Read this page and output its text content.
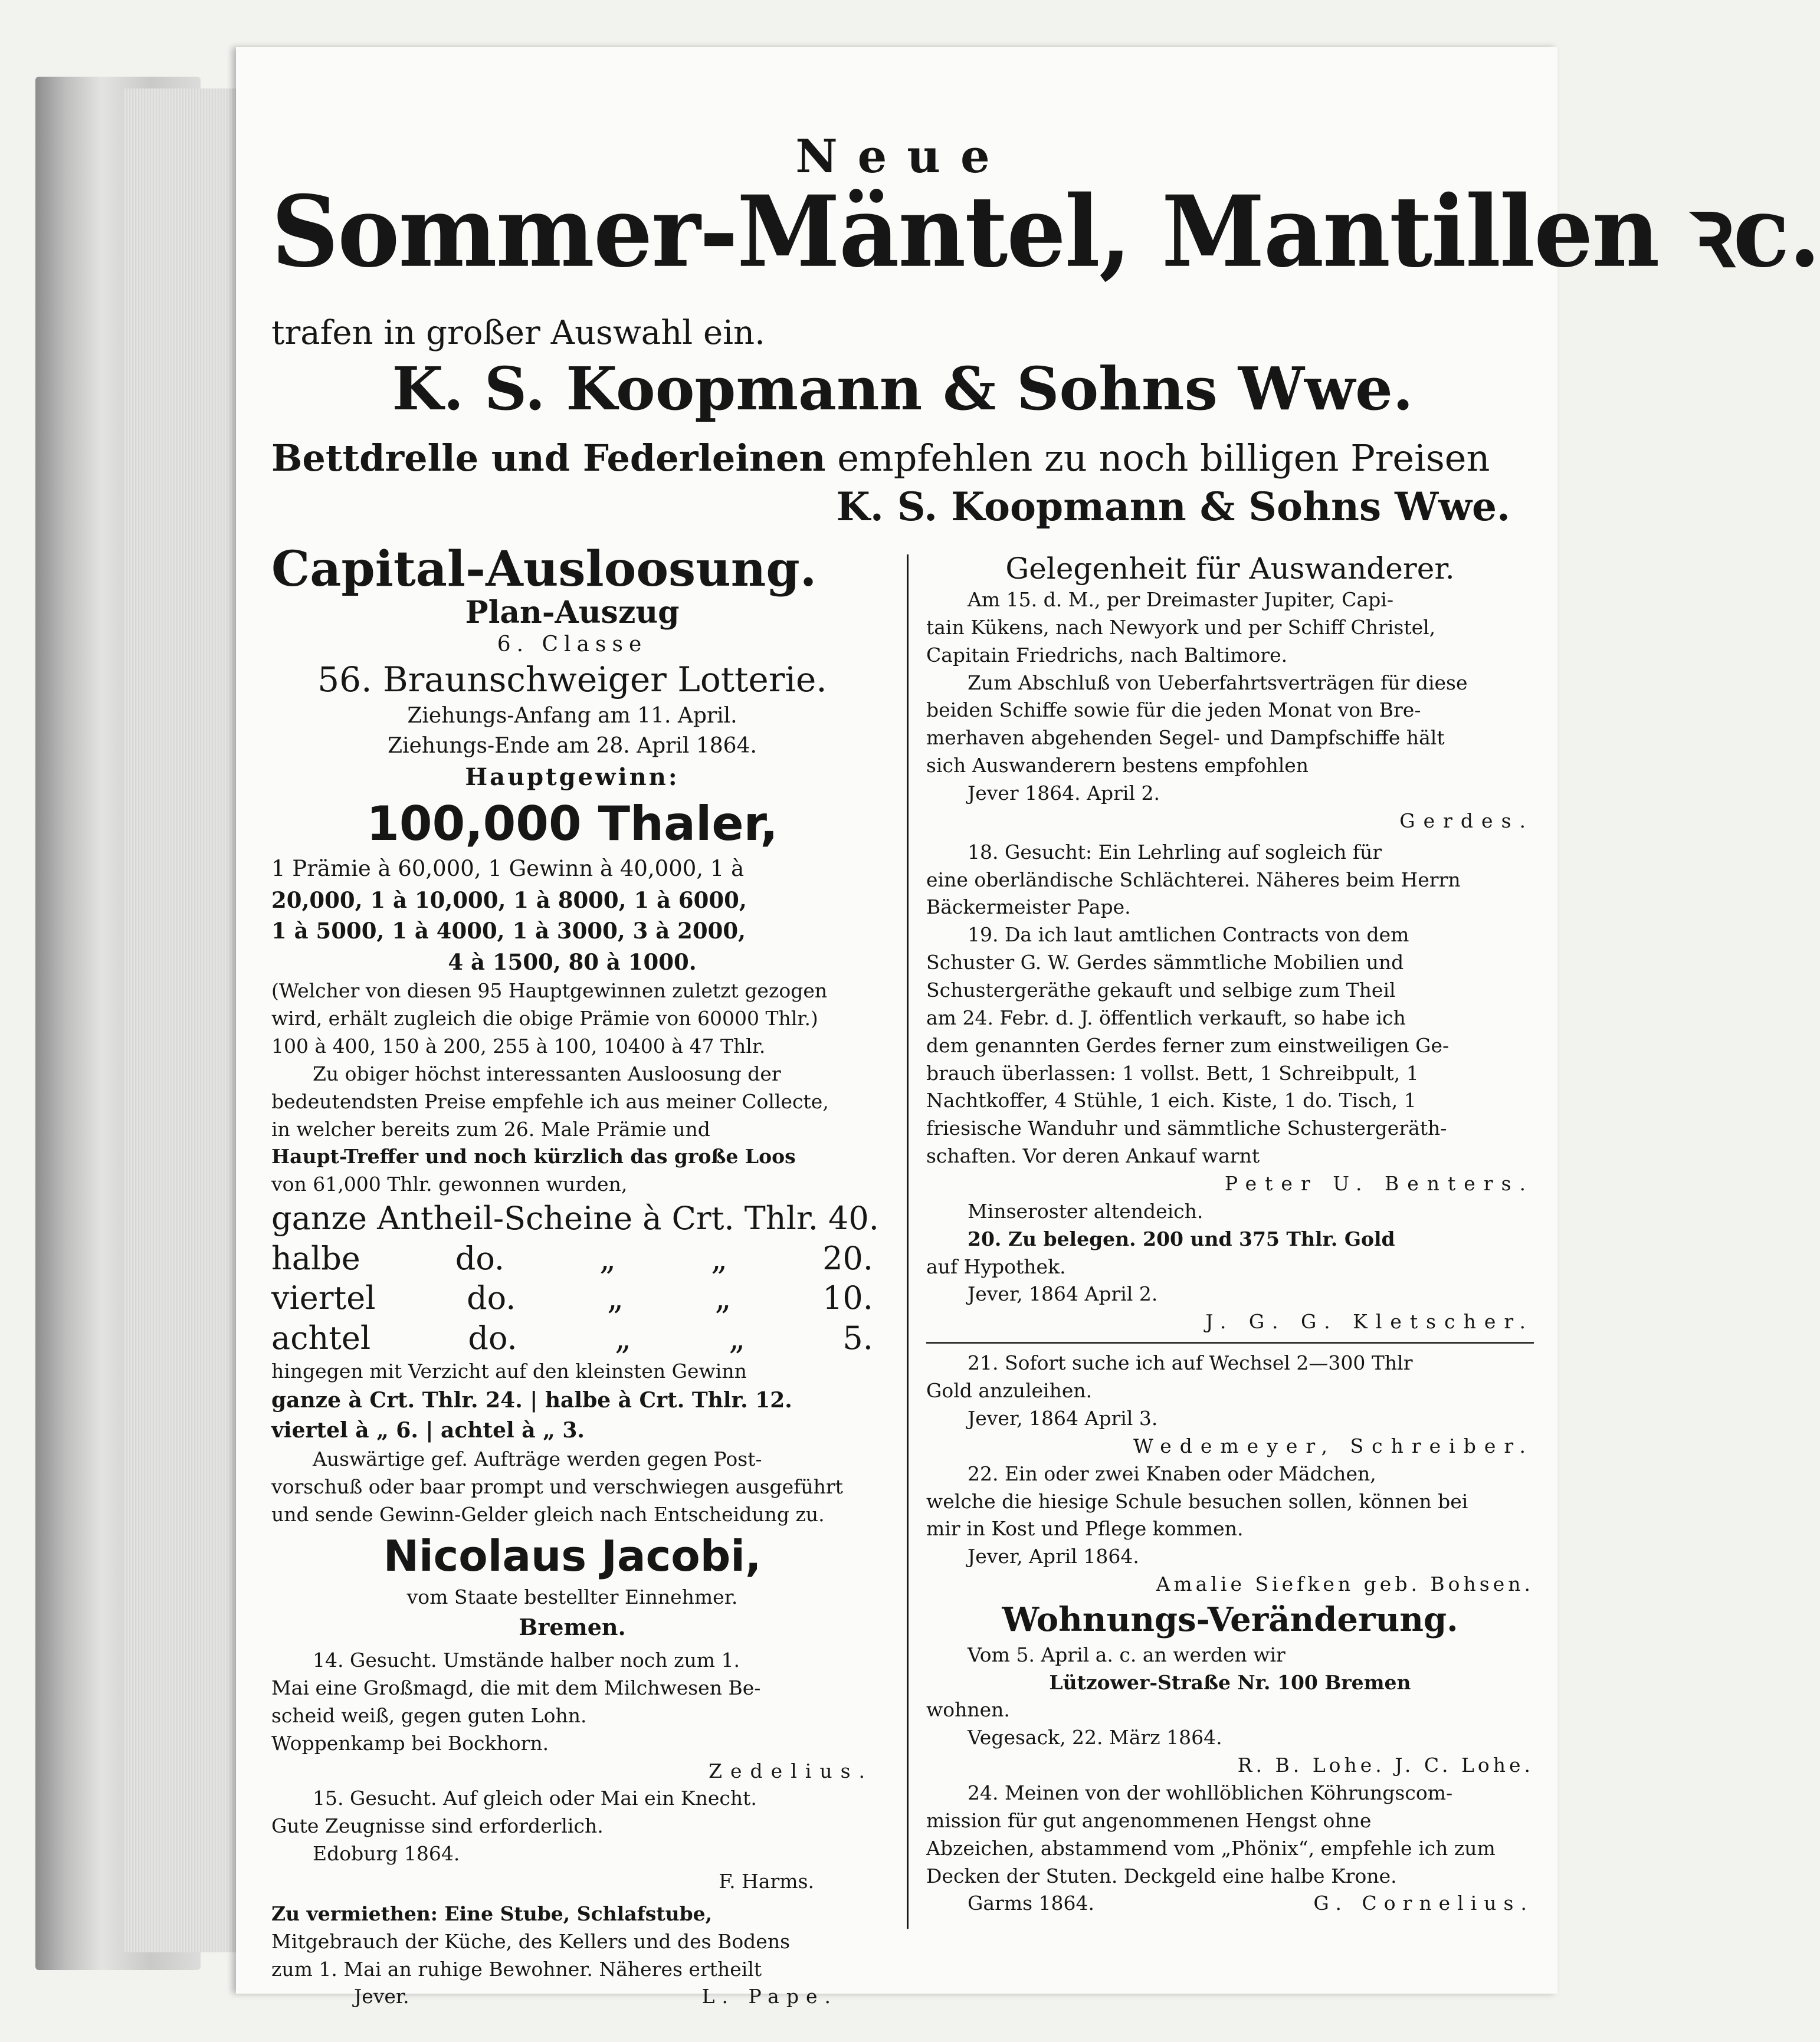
Neue
Sommer-Mäntel, Mantillen ꝛc.
trafen in großer Auswahl ein.
K. S. Koopmann & Sohns Wwe.
Bettdrelle und Federleinen empfehlen zu noch billigen Preisen
K. S. Koopmann & Sohns Wwe.

Capital-Ausloosung.

Plan-Auszug

6. Classe

56. Braunschweiger Lotterie.

Ziehungs-Anfang am 11. April.

Ziehungs-Ende am 28. April 1864.

Hauptgewinn:

100,000 Thaler,

1 Prämie à 60,000, 1 Gewinn à 40,000, 1 à

20,000, 1 à 10,000, 1 à 8000, 1 à 6000,

1 à 5000, 1 à 4000, 1 à 3000, 3 à 2000,

4 à 1500, 80 à 1000.

(Welcher von diesen 95 Hauptgewinnen zuletzt gezogen

wird, erhält zugleich die obige Prämie von 60000 Thlr.)

100 à 400, 150 à 200, 255 à 100, 10400 à 47 Thlr.

Zu obiger höchst interessanten Ausloosung der

bedeutendsten Preise empfehle ich aus meiner Collecte,

in welcher bereits zum 26. Male Prämie und

Haupt-Treffer und noch kürzlich das große Loos

von 61,000 Thlr. gewonnen wurden,

ganze Antheil-Scheine à Crt. Thlr. 40.

halbe	do.	„	„	20.
viertel	do.	„	„	10.
achtel	do.	„	„	5.

hingegen mit Verzicht auf den kleinsten Gewinn

ganze à Crt. Thlr. 24. | halbe à Crt. Thlr. 12.

viertel à „ 6. | achtel à „ 3.

Auswärtige gef. Aufträge werden gegen Post-

vorschuß oder baar prompt und verschwiegen ausgeführt

und sende Gewinn-Gelder gleich nach Entscheidung zu.

Nicolaus Jacobi,

vom Staate bestellter Einnehmer.

Bremen.

14. Gesucht. Umstände halber noch zum 1.

Mai eine Großmagd, die mit dem Milchwesen Be-

scheid weiß, gegen guten Lohn.

Woppenkamp bei Bockhorn.

Zedelius.

15. Gesucht. Auf gleich oder Mai ein Knecht.

Gute Zeugnisse sind erforderlich.

Edoburg 1864.

F. Harms.

Zu vermiethen: Eine Stube, Schlafstube,

Mitgebrauch der Küche, des Kellers und des Bodens

zum 1. Mai an ruhige Bewohner. Näheres ertheilt

Jever.	L. Pape.

Gelegenheit für Auswanderer.

Am 15. d. M., per Dreimaster Jupiter, Capi-

tain Kükens, nach Newyork und per Schiff Christel,

Capitain Friedrichs, nach Baltimore.

Zum Abschluß von Ueberfahrtsverträgen für diese

beiden Schiffe sowie für die jeden Monat von Bre-

merhaven abgehenden Segel- und Dampfschiffe hält

sich Auswanderern bestens empfohlen

Jever 1864. April 2.

Gerdes.

18. Gesucht: Ein Lehrling auf sogleich für

eine oberländische Schlächterei. Näheres beim Herrn

Bäckermeister Pape.

19. Da ich laut amtlichen Contracts von dem

Schuster G. W. Gerdes sämmtliche Mobilien und

Schustergeräthe gekauft und selbige zum Theil

am 24. Febr. d. J. öffentlich verkauft, so habe ich

dem genannten Gerdes ferner zum einstweiligen Ge-

brauch überlassen: 1 vollst. Bett, 1 Schreibpult, 1

Nachtkoffer, 4 Stühle, 1 eich. Kiste, 1 do. Tisch, 1

friesische Wanduhr und sämmtliche Schustergeräth-

schaften. Vor deren Ankauf warnt

Peter U. Benters.

Minseroster altendeich.

20. Zu belegen. 200 und 375 Thlr. Gold

auf Hypothek.

Jever, 1864 April 2.

J. G. G. Kletscher.

21. Sofort suche ich auf Wechsel 2—300 Thlr

Gold anzuleihen.

Jever, 1864 April 3.

Wedemeyer, Schreiber.

22. Ein oder zwei Knaben oder Mädchen,

welche die hiesige Schule besuchen sollen, können bei

mir in Kost und Pflege kommen.

Jever, April 1864.

Amalie Siefken geb. Bohsen.

Wohnungs-Veränderung.

Vom 5. April a. c. an werden wir

Lützower-Straße Nr. 100 Bremen

wohnen.

Vegesack, 22. März 1864.

R. B. Lohe. J. C. Lohe.

24. Meinen von der wohllöblichen Köhrungscom-

mission für gut angenommenen Hengst ohne

Abzeichen, abstammend vom „Phönix“, empfehle ich zum

Decken der Stuten. Deckgeld eine halbe Krone.

Garms 1864.	G. Cornelius.
